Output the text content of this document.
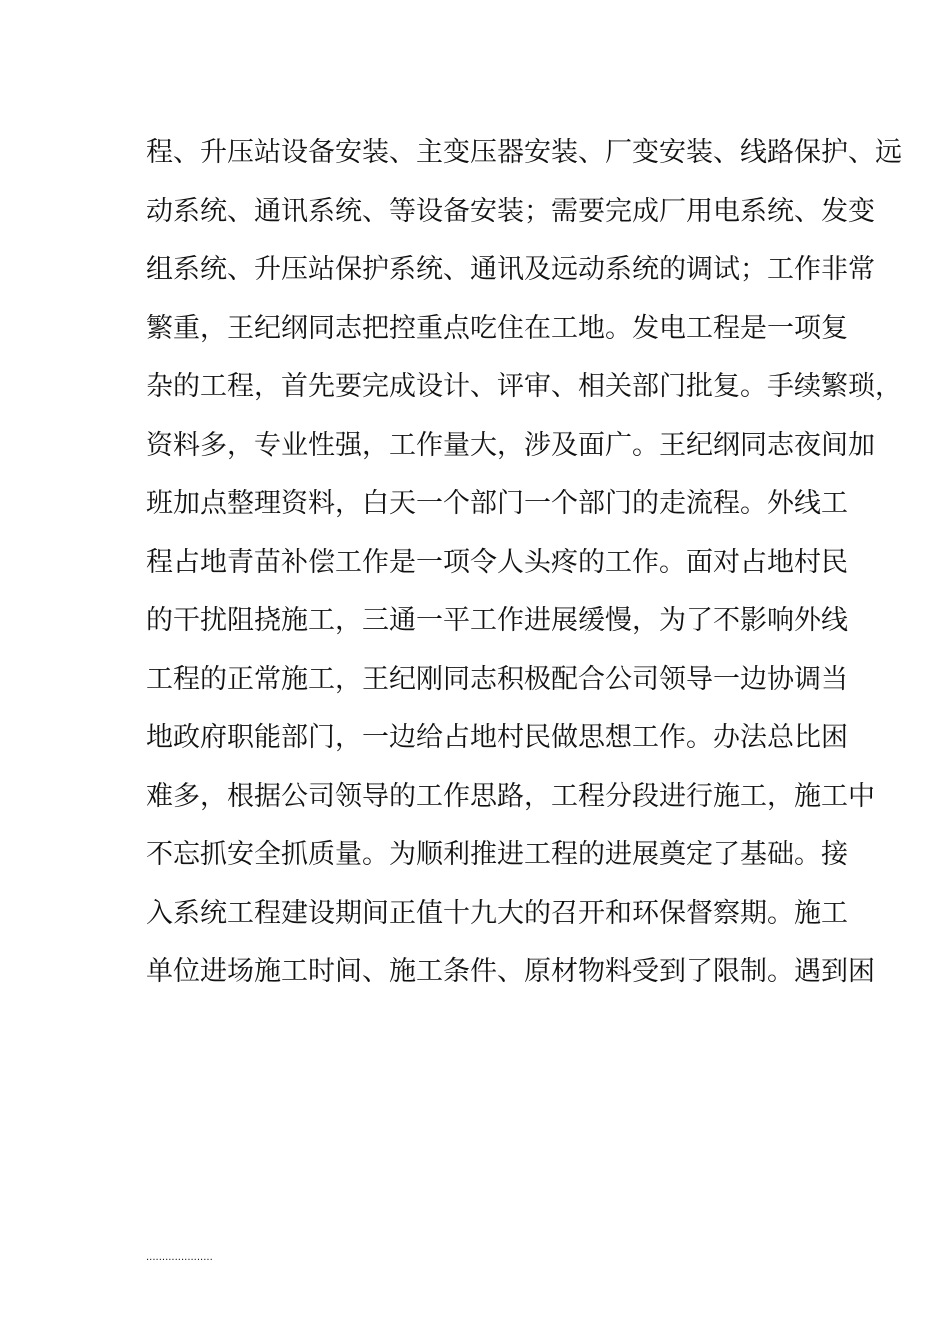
程、升压站设备安装、主变压器安装、厂变安装、线路保护、远
动系统、通讯系统、等设备安装；需要完成厂用电系统、发变
组系统、升压站保护系统、通讯及远动系统的调试；工作非常
繁重，王纪纲同志把控重点吃住在工地。发电工程是一项复
杂的工程，首先要完成设计、评审、相关部门批复。手续繁琐，
资料多，专业性强，工作量大，涉及面广。王纪纲同志夜间加
班加点整理资料，白天一个部门一个部门的走流程。外线工
程占地青苗补偿工作是一项令人头疼的工作。面对占地村民
的干扰阻挠施工，三通一平工作进展缓慢，为了不影响外线
工程的正常施工，王纪刚同志积极配合公司领导一边协调当
地政府职能部门，一边给占地村民做思想工作。办法总比困
难多，根据公司领导的工作思路，工程分段进行施工，施工中
不忘抓安全抓质量。为顺利推进工程的进展奠定了基础。接
入系统工程建设期间正值十九大的召开和环保督察期。施工
单位进场施工时间、施工条件、原材物料受到了限制。遇到困
.....................
